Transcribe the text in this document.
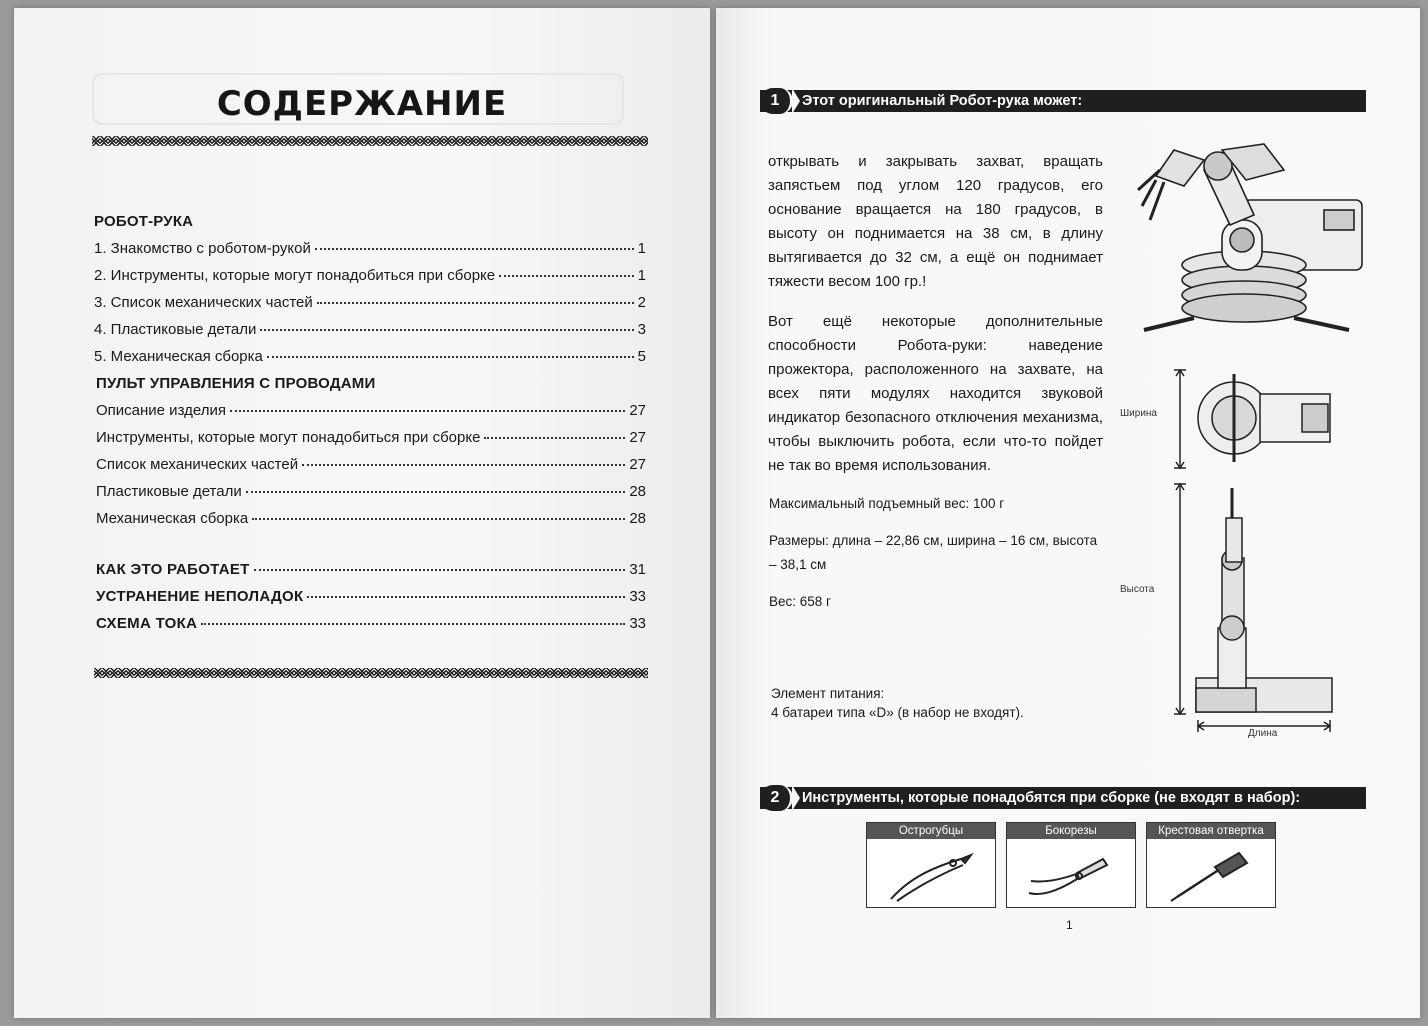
СОДЕРЖАНИЕ
РОБОТ-РУКА
1. Знакомство с роботом-рукой	1
2. Инструменты, которые могут понадобиться при сборке	1
3. Список механических частей	2
4. Пластиковые детали	3
5. Механическая сборка	5
ПУЛЬТ УПРАВЛЕНИЯ С ПРОВОДАМИ
Описание изделия	27
Инструменты, которые могут понадобиться при сборке	27
Список механических частей	27
Пластиковые детали	28
Механическая сборка	28
КАК ЭТО РАБОТАЕТ	31
УСТРАНЕНИЕ НЕПОЛАДОК	33
СХЕМА ТОКА	33
1	Этот оригинальный Робот-рука может:
открывать и закрывать захват, вращать запястьем под углом 120 градусов, его основание вращается на 180 градусов, в высоту он поднимается на 38 см, в длину вытягивается до 32 см, а ещё он поднимает тяжести весом 100 гр.!
Вот ещё некоторые дополнительные способности Робота-руки: наведение прожектора, расположенного на захвате, на всех пяти модулях находится звуковой индикатор безопасного отключения механизма, чтобы выключить робота, если что-то пойдет не так во время использования.
Максимальный подъемный вес: 100 г
Размеры: длина – 22,86 см, ширина – 16 см, высота – 38,1 см
Вес: 658 г
Элемент питания:
4 батареи типа «D» (в набор не входят).
Ширина
Высота
Длина
2	Инструменты, которые понадобятся при сборке (не входят в набор):
Острогубцы	Бокорезы	Крестовая отвертка
1
